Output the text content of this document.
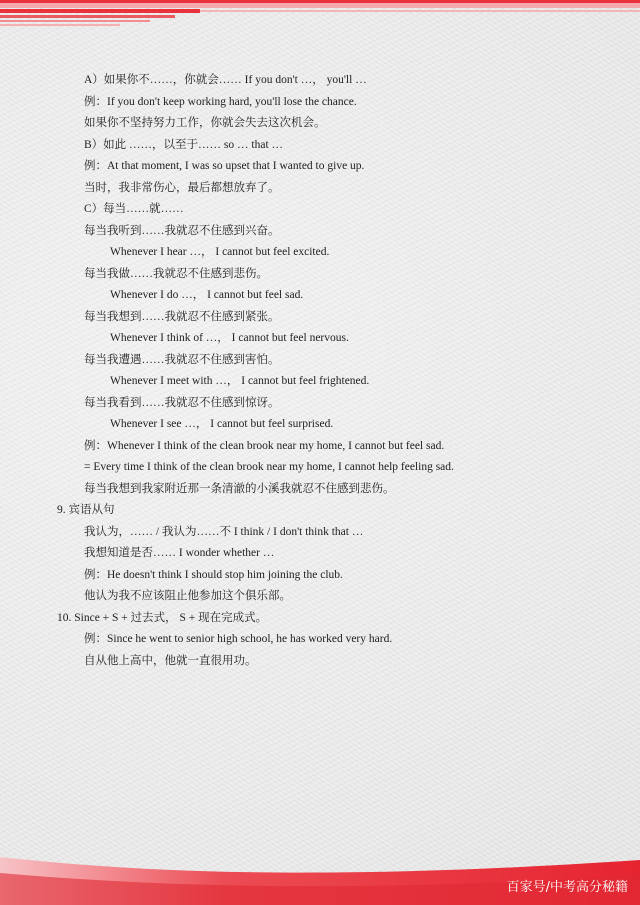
A）如果你不……，你就会…… If you don't …， you'll …
例：If you don't keep working hard, you'll lose the chance.
如果你不坚持努力工作，你就会失去这次机会。
B）如此 ……，以至于…… so … that …
例：At that moment, I was so upset that I wanted to give up.
当时，我非常伤心，最后都想放弃了。
C）每当……就……
每当我听到……我就忍不住感到兴奋。
Whenever I hear …， I cannot but feel excited.
每当我做……我就忍不住感到悲伤。
Whenever I do …， I cannot but feel sad.
每当我想到……我就忍不住感到紧张。
Whenever I think of …， I cannot but feel nervous.
每当我遭遇……我就忍不住感到害怕。
Whenever I meet with …， I cannot but feel frightened.
每当我看到……我就忍不住感到惊讶。
Whenever I see …， I cannot but feel surprised.
例：Whenever I think of the clean brook near my home, I cannot but feel sad.
= Every time I think of the clean brook near my home, I cannot help feeling sad.
每当我想到我家附近那一条清澈的小溪我就忍不住感到悲伤。
9. 宾语从句
我认为，…… / 我认为……不 I think / I don't think that …
我想知道是否…… I wonder whether …
例：He doesn't think I should stop him joining the club.
他认为我不应该阻止他参加这个俱乐部。
10. Since + S + 过去式， S + 现在完成式。
例：Since he went to senior high school, he has worked very hard.
自从他上高中，他就一直很用功。
百家号/中考高分秘籍
